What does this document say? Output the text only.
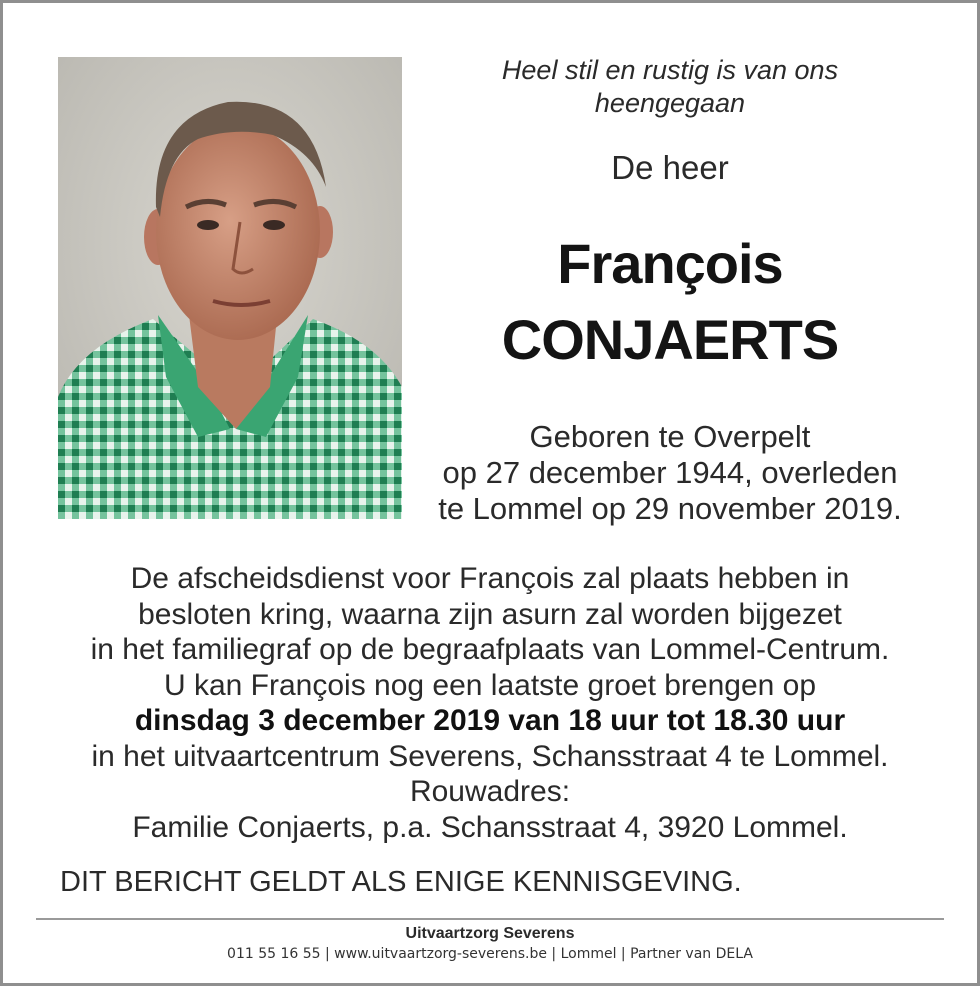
Heel stil en rustig is van ons
heengegaan
De heer
François
CONJAERTS
Geboren te Overpelt
op 27 december 1944, overleden
te Lommel op 29 november 2019.
De afscheidsdienst voor François zal plaats hebben in
besloten kring, waarna zijn asurn zal worden bijgezet
in het familiegraf op de begraafplaats van Lommel-Centrum.
U kan François nog een laatste groet brengen op
dinsdag 3 december 2019 van 18 uur tot 18.30 uur
in het uitvaartcentrum Severens, Schansstraat 4 te Lommel.
Rouwadres:
Familie Conjaerts, p.a. Schansstraat 4, 3920 Lommel.
DIT BERICHT GELDT ALS ENIGE KENNISGEVING.
Uitvaartzorg Severens
011 55 16 55 | www.uitvaartzorg-severens.be | Lommel | Partner van DELA
